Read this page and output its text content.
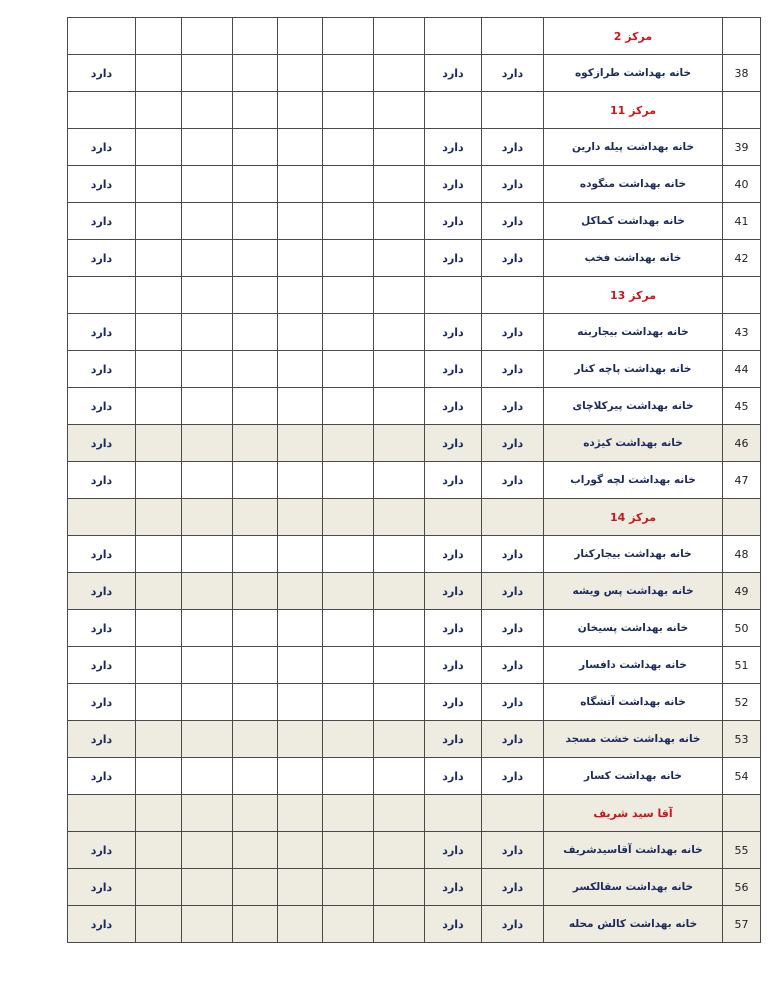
									مرکز 2	
دارد							دارد	دارد	خانه بهداشت طرازکوه	38
									مرکز 11	
دارد							دارد	دارد	خانه بهداشت پیله دارین	39
دارد							دارد	دارد	خانه بهداشت منگوده	40
دارد							دارد	دارد	خانه بهداشت کماکل	41
دارد							دارد	دارد	خانه بهداشت فخب	42
									مرکز 13	
دارد							دارد	دارد	خانه بهداشت بیجاربنه	43
دارد							دارد	دارد	خانه بهداشت پاچه کنار	44
دارد							دارد	دارد	خانه بهداشت پیرکلاچای	45
دارد							دارد	دارد	خانه بهداشت کیژده	46
دارد							دارد	دارد	خانه بهداشت لچه گوراب	47
									مرکز 14	
دارد							دارد	دارد	خانه بهداشت بیجارکنار	48
دارد							دارد	دارد	خانه بهداشت پس ویشه	49
دارد							دارد	دارد	خانه بهداشت پسیخان	50
دارد							دارد	دارد	خانه بهداشت دافسار	51
دارد							دارد	دارد	خانه بهداشت آتشگاه	52
دارد							دارد	دارد	خانه بهداشت خشت مسجد	53
دارد							دارد	دارد	خانه بهداشت کسار	54
									آقا سید شریف	
دارد							دارد	دارد	خانه بهداشت آقاسیدشریف	55
دارد							دارد	دارد	خانه بهداشت سقالکسر	56
دارد							دارد	دارد	خانه بهداشت کالش محله	57
